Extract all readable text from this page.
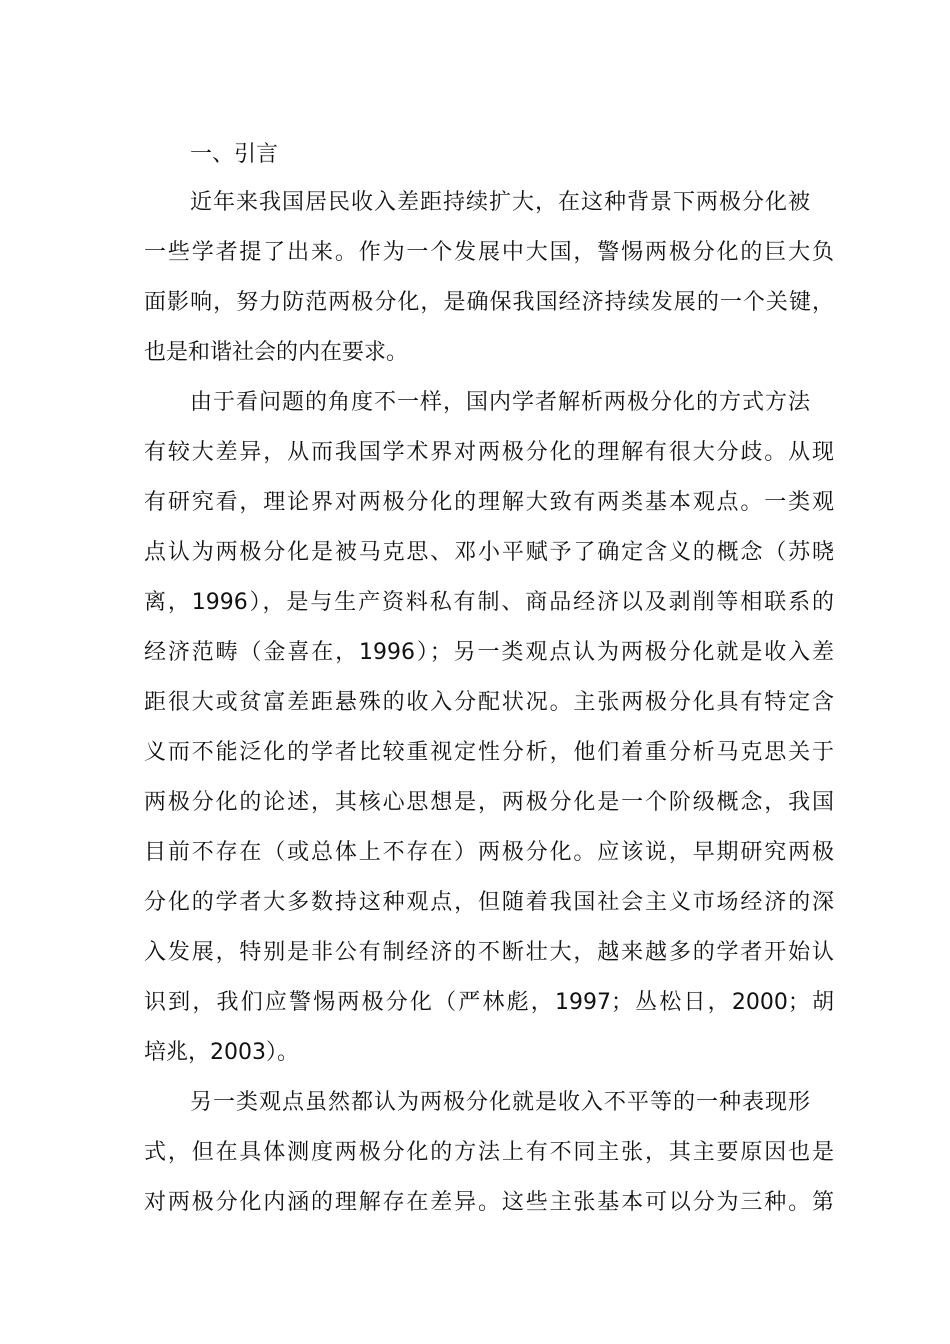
一、引言
近年来我国居民收入差距持续扩大，在这种背景下两极分化被
一些学者提了出来。作为一个发展中大国，警惕两极分化的巨大负
面影响，努力防范两极分化，是确保我国经济持续发展的一个关键，
也是和谐社会的内在要求。
由于看问题的角度不一样，国内学者解析两极分化的方式方法
有较大差异，从而我国学术界对两极分化的理解有很大分歧。从现
有研究看，理论界对两极分化的理解大致有两类基本观点。一类观
点认为两极分化是被马克思、邓小平赋予了确定含义的概念（苏晓
离，1996），是与生产资料私有制、商品经济以及剥削等相联系的
经济范畴（金喜在，1996）；另一类观点认为两极分化就是收入差
距很大或贫富差距悬殊的收入分配状况。主张两极分化具有特定含
义而不能泛化的学者比较重视定性分析，他们着重分析马克思关于
两极分化的论述，其核心思想是，两极分化是一个阶级概念，我国
目前不存在（或总体上不存在）两极分化。应该说，早期研究两极
分化的学者大多数持这种观点，但随着我国社会主义市场经济的深
入发展，特别是非公有制经济的不断壮大，越来越多的学者开始认
识到，我们应警惕两极分化（严林彪，1997；丛松日，2000；胡
培兆，2003）。
另一类观点虽然都认为两极分化就是收入不平等的一种表现形
式，但在具体测度两极分化的方法上有不同主张，其主要原因也是
对两极分化内涵的理解存在差异。这些主张基本可以分为三种。第
